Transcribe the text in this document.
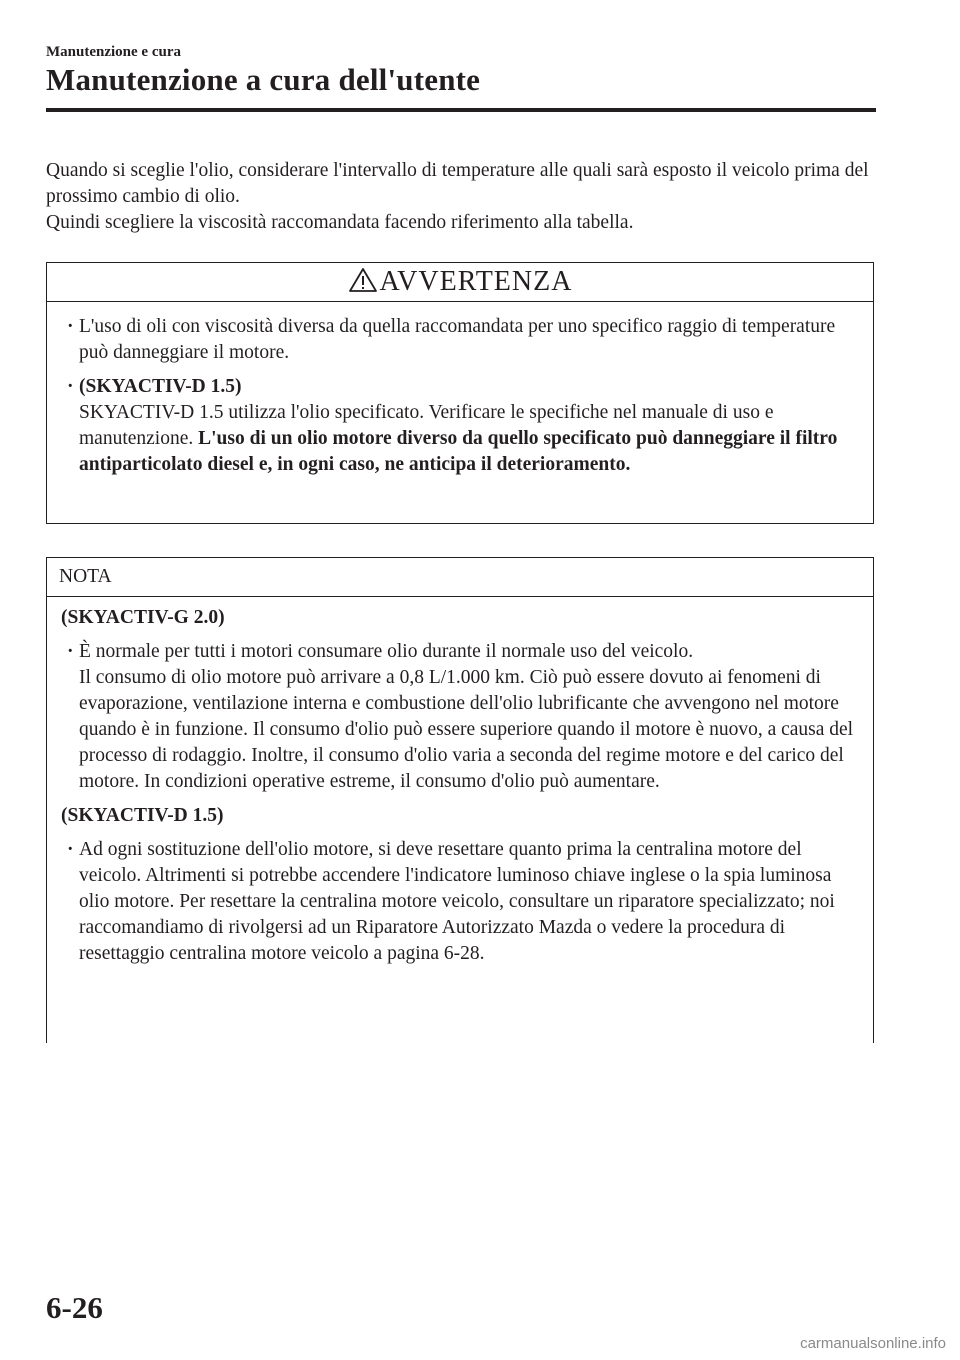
Manutenzione e cura
Manutenzione a cura dell'utente

Quando si sceglie l'olio, considerare l'intervallo di temperature alle quali sarà esposto il veicolo prima del prossimo cambio di olio.

Quindi scegliere la viscosità raccomandata facendo riferimento alla tabella.

AVVERTENZA
· L'uso di oli con viscosità diversa da quella raccomandata per uno specifico raggio di temperature può danneggiare il motore.

· (SKYACTIV-D 1.5)

SKYACTIV-D 1.5 utilizza l'olio specificato. Verificare le specifiche nel manuale di uso e manutenzione. L'uso di un olio motore diverso da quello specificato può danneggiare il filtro antiparticolato diesel e, in ogni caso, ne anticipa il deterioramento.

NOTA
(SKYACTIV-G 2.0)
· È normale per tutti i motori consumare olio durante il normale uso del veicolo.

Il consumo di olio motore può arrivare a 0,8 L/1.000 km. Ciò può essere dovuto ai fenomeni di evaporazione, ventilazione interna e combustione dell'olio lubrificante che avvengono nel motore quando è in funzione. Il consumo d'olio può essere superiore quando il motore è nuovo, a causa del processo di rodaggio. Inoltre, il consumo d'olio varia a seconda del regime motore e del carico del motore. In condizioni operative estreme, il consumo d'olio può aumentare.

(SKYACTIV-D 1.5)
· Ad ogni sostituzione dell'olio motore, si deve resettare quanto prima la centralina motore del veicolo. Altrimenti si potrebbe accendere l'indicatore luminoso chiave inglese o la spia luminosa olio motore. Per resettare la centralina motore veicolo, consultare un riparatore specializzato; noi raccomandiamo di rivolgersi ad un Riparatore Autorizzato Mazda o vedere la procedura di resettaggio centralina motore veicolo a pagina 6-28.

6-26
carmanualsonline.info
